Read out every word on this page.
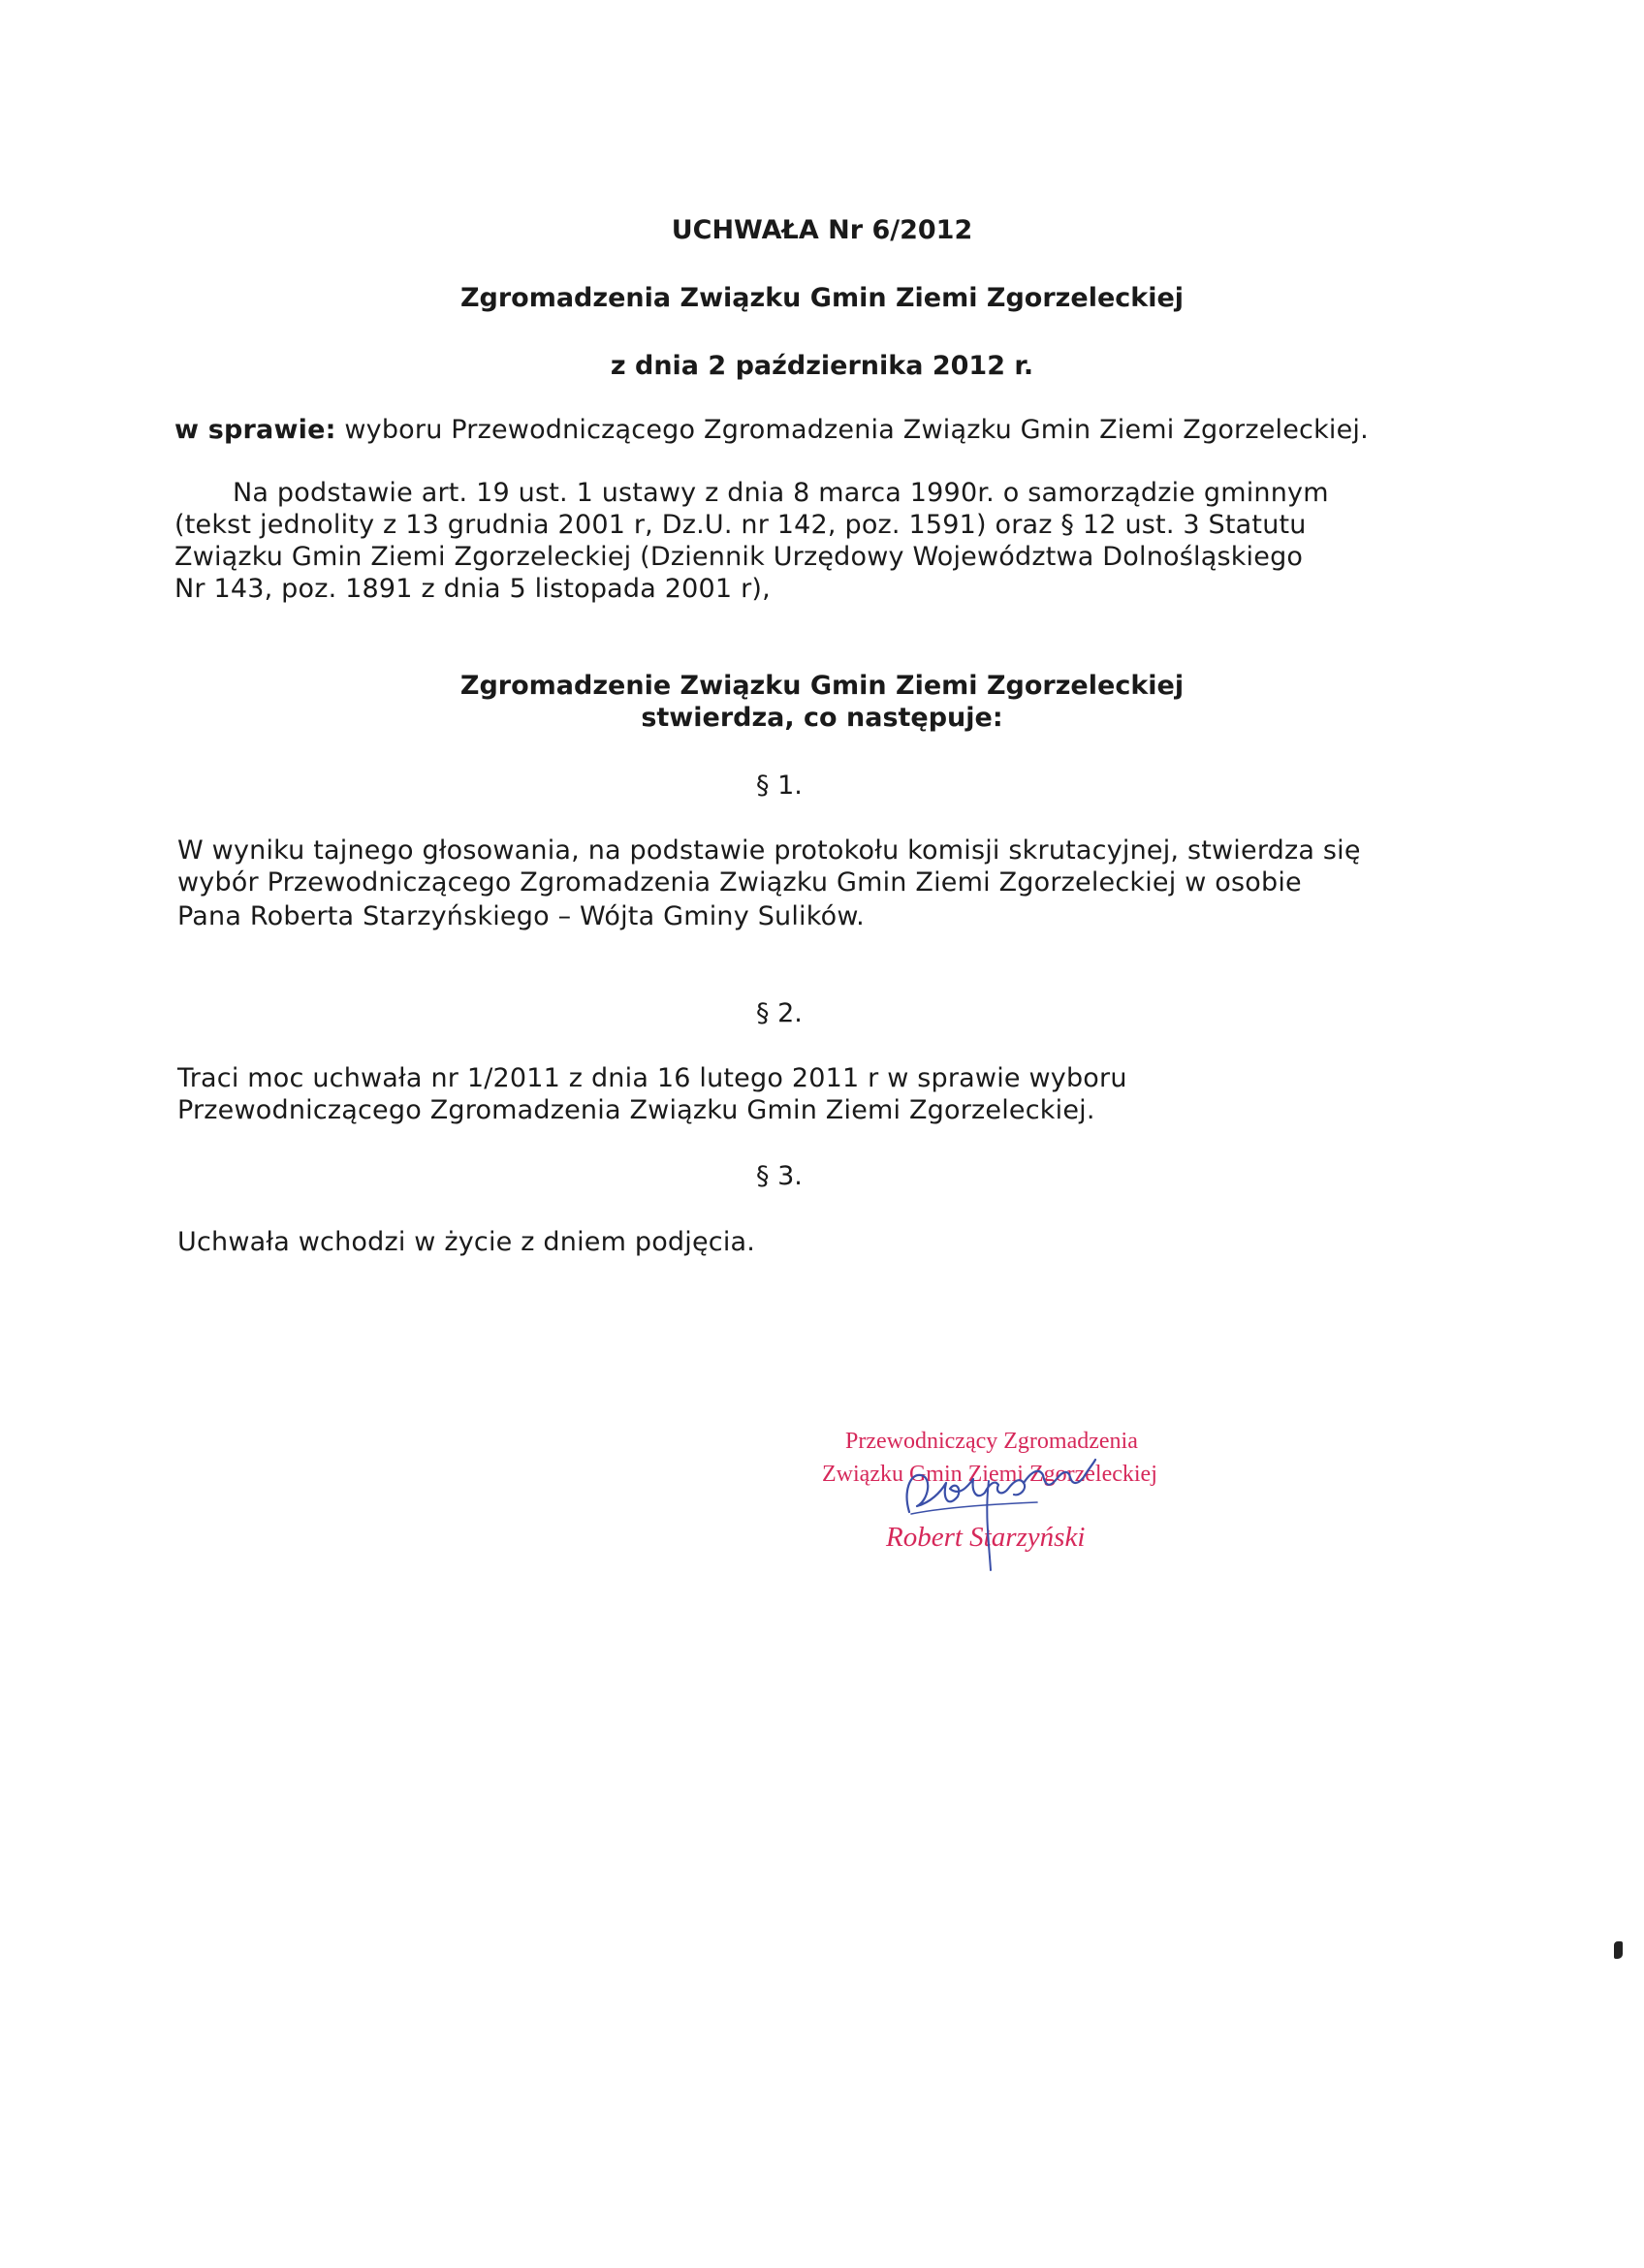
UCHWAŁA Nr 6/2012
Zgromadzenia Związku Gmin Ziemi Zgorzeleckiej
z dnia 2 października 2012 r.
w sprawie: wyboru Przewodniczącego Zgromadzenia Związku Gmin Ziemi Zgorzeleckiej.
Na podstawie art. 19 ust. 1 ustawy z dnia 8 marca 1990r. o samorządzie gminnym
(tekst jednolity z 13 grudnia 2001 r, Dz.U. nr 142, poz. 1591) oraz § 12 ust. 3 Statutu
Związku Gmin Ziemi Zgorzeleckiej (Dziennik Urzędowy Województwa Dolnośląskiego
Nr 143, poz. 1891 z dnia 5 listopada 2001 r),
Zgromadzenie Związku Gmin Ziemi Zgorzeleckiej
stwierdza, co następuje:
§ 1.
W wyniku tajnego głosowania, na podstawie protokołu komisji skrutacyjnej, stwierdza się
wybór Przewodniczącego Zgromadzenia Związku Gmin Ziemi Zgorzeleckiej w osobie
Pana Roberta Starzyńskiego – Wójta Gminy Sulików.
§ 2.
Traci moc uchwała nr 1/2011 z dnia 16 lutego 2011 r w sprawie wyboru
Przewodniczącego Zgromadzenia Związku Gmin Ziemi Zgorzeleckiej.
§ 3.
Uchwała wchodzi w życie z dniem podjęcia.
Przewodniczący Zgromadzenia
Związku Gmin Ziemi Zgorzeleckiej
Robert Starzyński
